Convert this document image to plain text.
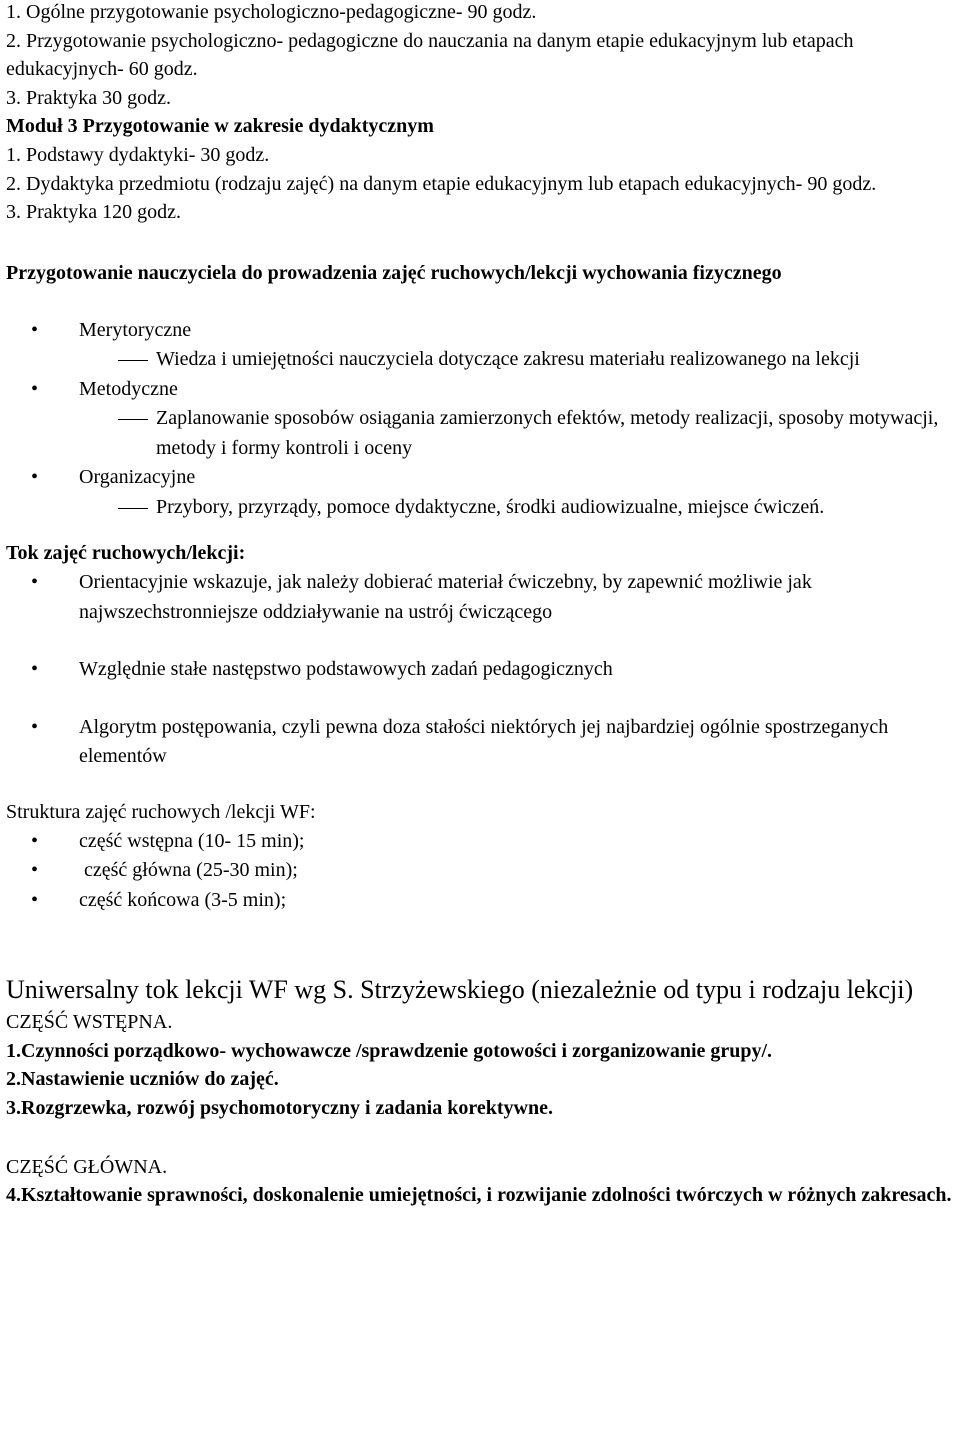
1. Ogólne przygotowanie psychologiczno-pedagogiczne- 90 godz.

2. Przygotowanie psychologiczno- pedagogiczne do nauczania na danym etapie edukacyjnym lub etapach edukacyjnych- 60 godz.

3. Praktyka 30 godz.

Moduł 3 Przygotowanie w zakresie dydaktycznym

1. Podstawy dydaktyki- 30 godz.

2. Dydaktyka przedmiotu (rodzaju zajęć) na danym etapie edukacyjnym lub etapach edukacyjnych- 90 godz.

3. Praktyka 120 godz.

Przygotowanie nauczyciela do prowadzenia zajęć ruchowych/lekcji wychowania fizycznego

• Merytoryczne
Wiedza i umiejętności nauczyciela dotyczące zakresu materiału realizowanego na lekcji
• Metodyczne
Zaplanowanie sposobów osiągania zamierzonych efektów, metody realizacji, sposoby motywacji, metody i formy kontroli i oceny
• Organizacyjne
Przybory, przyrządy, pomoce dydaktyczne, środki audiowizualne, miejsce ćwiczeń.

Tok zajęć ruchowych/lekcji:

• Orientacyjnie wskazuje, jak należy dobierać materiał ćwiczebny, by zapewnić możliwie jak najwszechstronniejsze oddziaływanie na ustrój ćwiczącego
• Względnie stałe następstwo podstawowych zadań pedagogicznych
• Algorytm postępowania, czyli pewna doza stałości niektórych jej najbardziej ogólnie spostrzeganych elementów

Struktura zajęć ruchowych /lekcji WF:

• część wstępna (10- 15 min);
•  część główna (25-30 min);
• część końcowa (3-5 min);

Uniwersalny tok lekcji WF wg S. Strzyżewskiego (niezależnie od typu i rodzaju lekcji)

CZĘŚĆ WSTĘPNA.

1.Czynności porządkowo- wychowawcze /sprawdzenie gotowości i zorganizowanie grupy/.

2.Nastawienie uczniów do zajęć.

3.Rozgrzewka, rozwój psychomotoryczny i zadania korektywne.

CZĘŚĆ GŁÓWNA.

4.Kształtowanie sprawności, doskonalenie umiejętności, i rozwijanie zdolności twórczych w różnych zakresach.
